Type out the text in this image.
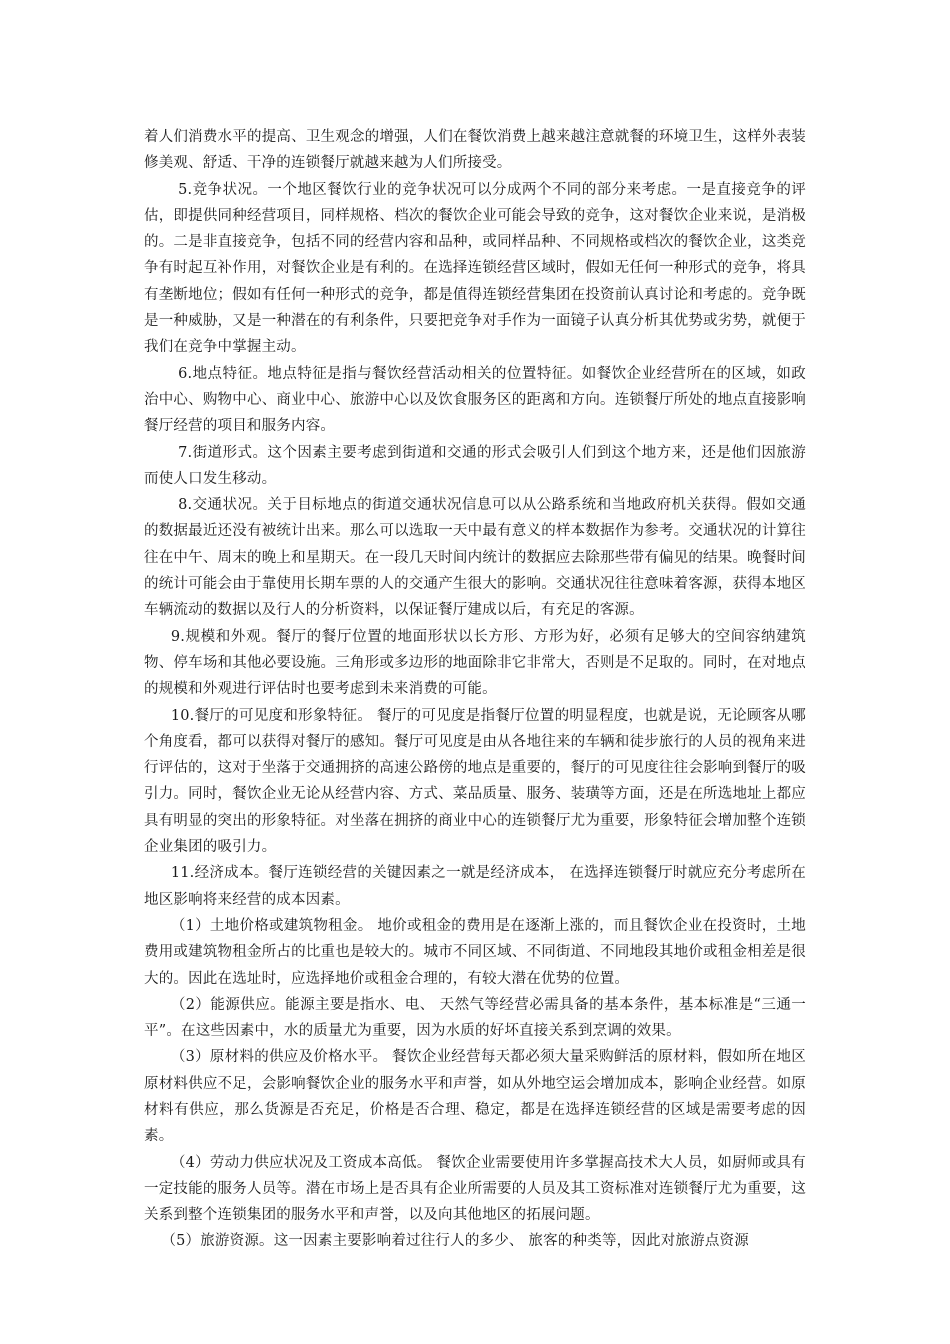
着人们消费水平的提高、卫生观念的增强，人们在餐饮消费上越来越注意就餐的环境卫生，这样外表装修美观、舒适、干净的连锁餐厅就越来越为人们所接受。

5.竞争状况。一个地区餐饮行业的竞争状况可以分成两个不同的部分来考虑。一是直接竞争的评估，即提供同种经营项目，同样规格、档次的餐饮企业可能会导致的竞争，这对餐饮企业来说，是消极的。二是非直接竞争，包括不同的经营内容和品种，或同样品种、不同规格或档次的餐饮企业，这类竞争有时起互补作用，对餐饮企业是有利的。在选择连锁经营区域时，假如无任何一种形式的竞争，将具有垄断地位；假如有任何一种形式的竞争，都是值得连锁经营集团在投资前认真讨论和考虑的。竞争既是一种威胁，又是一种潜在的有利条件，只要把竞争对手作为一面镜子认真分析其优势或劣势，就便于我们在竞争中掌握主动。

6.地点特征。地点特征是指与餐饮经营活动相关的位置特征。如餐饮企业经营所在的区域，如政治中心、购物中心、商业中心、旅游中心以及饮食服务区的距离和方向。连锁餐厅所处的地点直接影响餐厅经营的项目和服务内容。

7.街道形式。这个因素主要考虑到街道和交通的形式会吸引人们到这个地方来，还是他们因旅游而使人口发生移动。

8.交通状况。关于目标地点的街道交通状况信息可以从公路系统和当地政府机关获得。假如交通的数据最近还没有被统计出来。那么可以选取一天中最有意义的样本数据作为参考。交通状况的计算往往在中午、周末的晚上和星期天。在一段几天时间内统计的数据应去除那些带有偏见的结果。晚餐时间的统计可能会由于靠使用长期车票的人的交通产生很大的影响。交通状况往往意味着客源，获得本地区车辆流动的数据以及行人的分析资料，以保证餐厅建成以后，有充足的客源。

9.规模和外观。餐厅的餐厅位置的地面形状以长方形、方形为好，必须有足够大的空间容纳建筑物、停车场和其他必要设施。三角形或多边形的地面除非它非常大，否则是不足取的。同时，在对地点的规模和外观进行评估时也要考虑到未来消费的可能。

10.餐厅的可见度和形象特征。 餐厅的可见度是指餐厅位置的明显程度，也就是说，无论顾客从哪个角度看，都可以获得对餐厅的感知。餐厅可见度是由从各地往来的车辆和徒步旅行的人员的视角来进行评估的，这对于坐落于交通拥挤的高速公路傍的地点是重要的，餐厅的可见度往往会影响到餐厅的吸引力。同时，餐饮企业无论从经营内容、方式、菜品质量、服务、装璜等方面，还是在所选地址上都应具有明显的突出的形象特征。对坐落在拥挤的商业中心的连锁餐厅尤为重要，形象特征会增加整个连锁企业集团的吸引力。

11.经济成本。餐厅连锁经营的关键因素之一就是经济成本， 在选择连锁餐厅时就应充分考虑所在地区影响将来经营的成本因素。

（1）土地价格或建筑物租金。 地价或租金的费用是在逐渐上涨的，而且餐饮企业在投资时，土地费用或建筑物租金所占的比重也是较大的。城市不同区域、不同街道、不同地段其地价或租金相差是很大的。因此在选址时，应选择地价或租金合理的，有较大潜在优势的位置。

（2）能源供应。能源主要是指水、电、 天然气等经营必需具备的基本条件，基本标准是“三通一平”。在这些因素中，水的质量尤为重要，因为水质的好坏直接关系到烹调的效果。

（3）原材料的供应及价格水平。 餐饮企业经营每天都必须大量采购鲜活的原材料，假如所在地区原材料供应不足，会影响餐饮企业的服务水平和声誉，如从外地空运会增加成本，影响企业经营。如原材料有供应，那么货源是否充足，价格是否合理、稳定，都是在选择连锁经营的区域是需要考虑的因素。

（4）劳动力供应状况及工资成本高低。 餐饮企业需要使用许多掌握高技术大人员，如厨师或具有一定技能的服务人员等。潜在市场上是否具有企业所需要的人员及其工资标准对连锁餐厅尤为重要，这关系到整个连锁集团的服务水平和声誉，以及向其他地区的拓展问题。

（5）旅游资源。这一因素主要影响着过往行人的多少、 旅客的种类等，因此对旅游点资源
